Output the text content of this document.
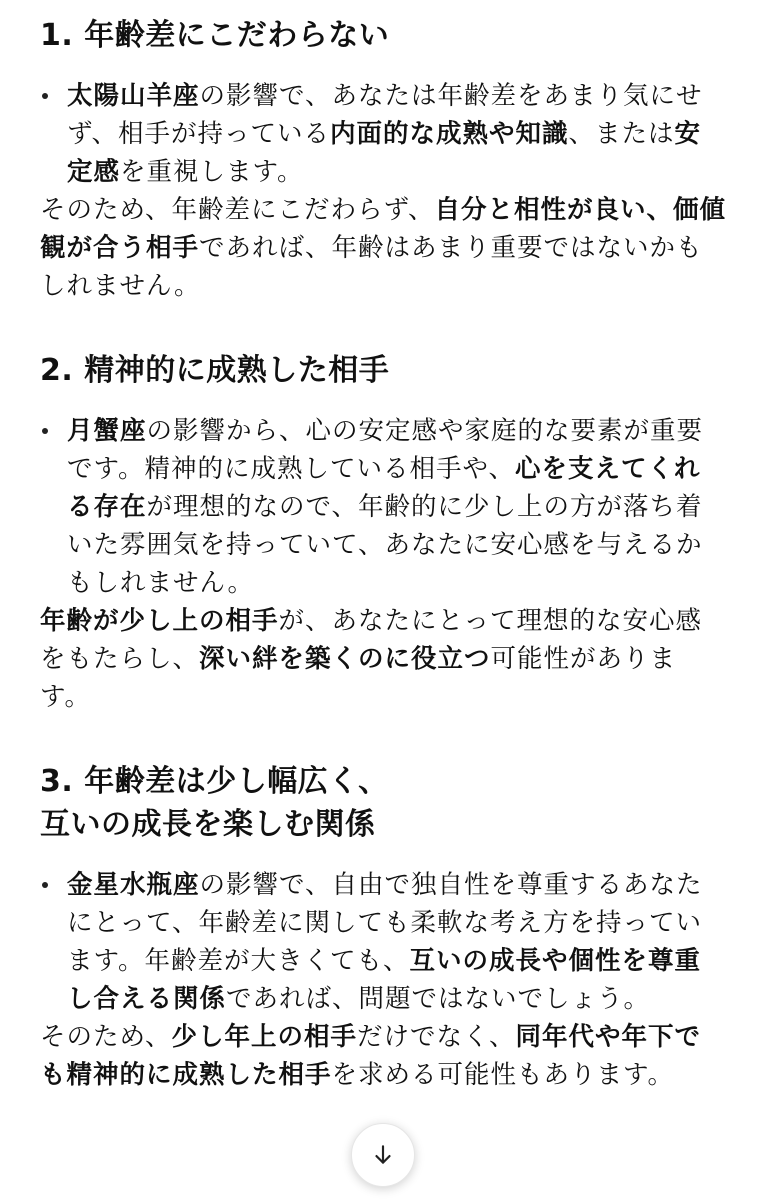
1. 年齢差にこだわらない
太陽山羊座の影響で、あなたは年齢差をあまり気にせず、相手が持っている内面的な成熟や知識、または安定感を重視します。

そのため、年齢差にこだわらず、自分と相性が良い、価値観が合う相手であれば、年齢はあまり重要ではないかもしれません。

2. 精神的に成熟した相手
月蟹座の影響から、心の安定感や家庭的な要素が重要です。精神的に成熟している相手や、心を支えてくれる存在が理想的なので、年齢的に少し上の方が落ち着いた雰囲気を持っていて、あなたに安心感を与えるかもしれません。

年齢が少し上の相手が、あなたにとって理想的な安心感をもたらし、深い絆を築くのに役立つ可能性があります。

3. 年齢差は少し幅広く、
互いの成長を楽しむ関係
金星水瓶座の影響で、自由で独自性を尊重するあなたにとって、年齢差に関しても柔軟な考え方を持っています。年齢差が大きくても、互いの成長や個性を尊重し合える関係であれば、問題ではないでしょう。

そのため、少し年上の相手だけでなく、同年代や年下でも精神的に成熟した相手を求める可能性もあります。
